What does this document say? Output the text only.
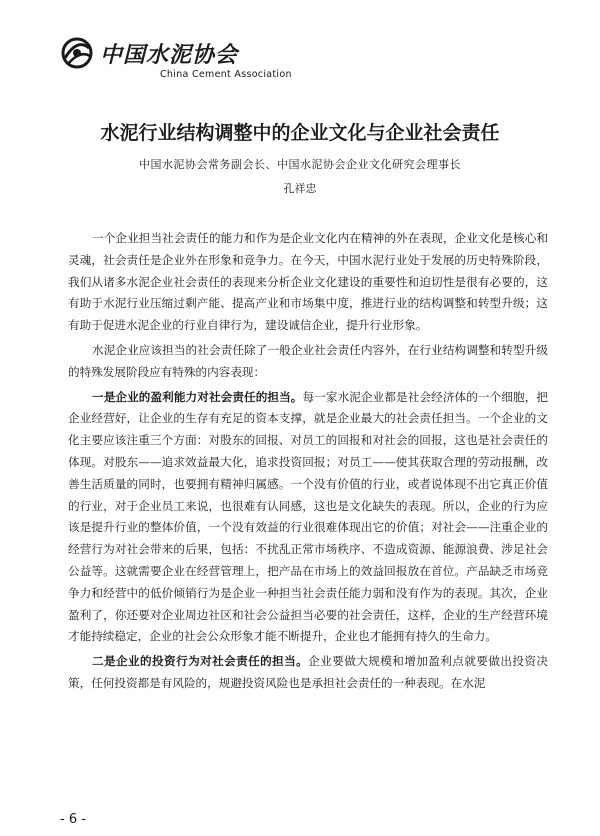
中国水泥协会
China Cement Association
水泥行业结构调整中的企业文化与企业社会责任
中国水泥协会常务副会长、中国水泥协会企业文化研究会理事长
孔祥忠

一个企业担当社会责任的能力和作为是企业文化内在精神的外在表现，企业文化是核心和灵魂，社会责任是企业外在形象和竞争力。在今天，中国水泥行业处于发展的历史特殊阶段，我们从诸多水泥企业社会责任的表现来分析企业文化建设的重要性和迫切性是很有必要的，这有助于水泥行业压缩过剩产能、提高产业和市场集中度，推进行业的结构调整和转型升级；这有助于促进水泥企业的行业自律行为，建设诚信企业，提升行业形象。

水泥企业应该担当的社会责任除了一般企业社会责任内容外，在行业结构调整和转型升级的特殊发展阶段应有特殊的内容表现：

一是企业的盈利能力对社会责任的担当。每一家水泥企业都是社会经济体的一个细胞，把企业经营好，让企业的生存有充足的资本支撑，就是企业最大的社会责任担当。一个企业的文化主要应该注重三个方面：对股东的回报、对员工的回报和对社会的回报，这也是社会责任的体现。对股东——追求效益最大化，追求投资回报；对员工——使其获取合理的劳动报酬，改善生活质量的同时，也要拥有精神归属感。一个没有价值的行业，或者说体现不出它真正价值的行业，对于企业员工来说，也很难有认同感，这也是文化缺失的表现。所以，企业的行为应该是提升行业的整体价值，一个没有效益的行业很难体现出它的价值；对社会——注重企业的经营行为对社会带来的后果，包括：不扰乱正常市场秩序、不造成资源、能源浪费、涉足社会公益等。这就需要企业在经营管理上，把产品在市场上的效益回报放在首位。产品缺乏市场竞争力和经营中的低价倾销行为是企业一种担当社会责任能力弱和没有作为的表现。其次，企业盈利了，你还要对企业周边社区和社会公益担当必要的社会责任，这样，企业的生产经营环境才能持续稳定，企业的社会公众形象才能不断提升，企业也才能拥有持久的生命力。

二是企业的投资行为对社会责任的担当。企业要做大规模和增加盈利点就要做出投资决策，任何投资都是有风险的，规避投资风险也是承担社会责任的一种表现。在水泥

- 6 -
